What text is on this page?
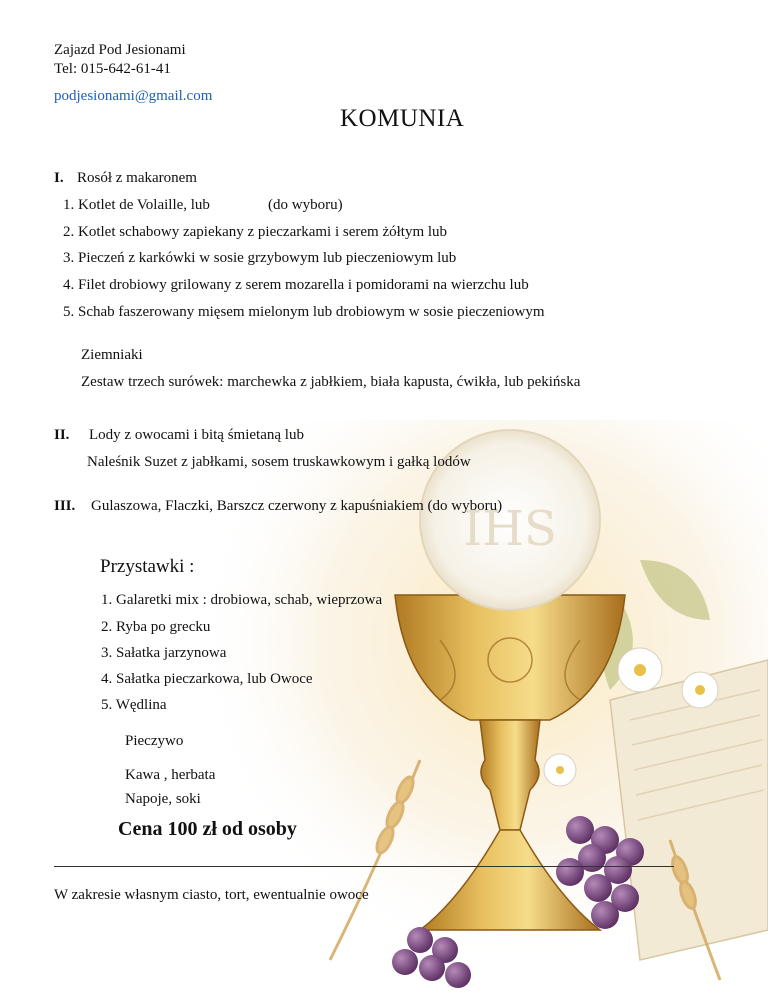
IHS
Zajazd Pod Jesionami
Tel: 015-642-61-41
podjesionami@gmail.com
KOMUNIA
I. Rosół z makaronem
1. Kotlet de Volaille, lub	(do wyboru)
2. Kotlet schabowy zapiekany z pieczarkami i serem żółtym lub
3. Pieczeń z karkówki w sosie grzybowym lub pieczeniowym lub
4. Filet drobiowy grilowany z serem mozarella i pomidorami na wierzchu lub
5. Schab faszerowany mięsem mielonym lub drobiowym w sosie pieczeniowym
Ziemniaki
Zestaw trzech surówek: marchewka z jabłkiem, biała kapusta, ćwikła, lub pekińska
II. Lody z owocami i bitą śmietaną lub
Naleśnik Suzet z jabłkami, sosem truskawkowym i gałką lodów
III. Gulaszowa, Flaczki, Barszcz czerwony z kapuśniakiem (do wyboru)
Przystawki :
1. Galaretki mix : drobiowa, schab, wieprzowa
2. Ryba po grecku
3. Sałatka jarzynowa
4. Sałatka pieczarkowa, lub Owoce
5. Wędlina
Pieczywo
Kawa , herbata
Napoje, soki
Cena 100 zł od osoby
W zakresie własnym ciasto, tort, ewentualnie owoce
